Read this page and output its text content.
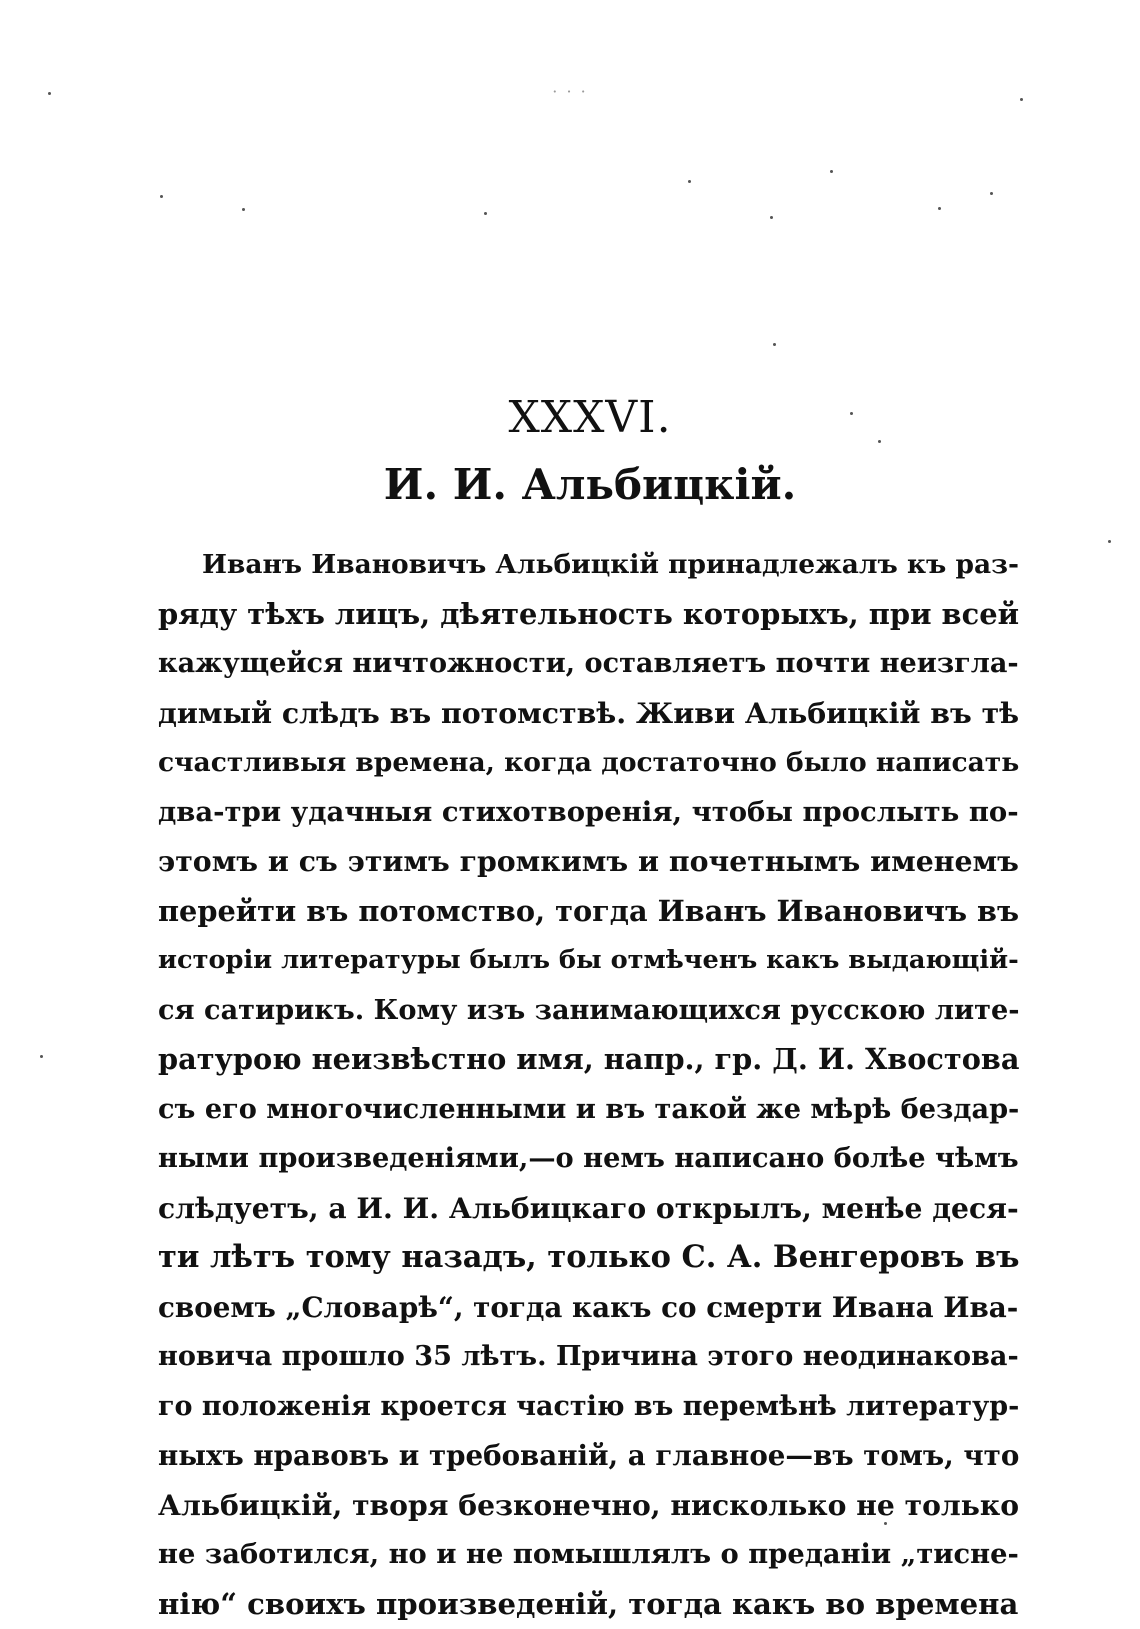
· · ·
XXXVI.
И. И. Альбицкій.
Иванъ Ивановичъ Альбицкій принадлежалъ къ раз-
ряду тѣхъ лицъ, дѣятельность которыхъ, при всей
кажущейся ничтожности, оставляетъ почти неизгла-
димый слѣдъ въ потомствѣ. Живи Альбицкій въ тѣ
счастливыя времена, когда достаточно было написать
два-три удачныя стихотворенія, чтобы прослыть по-
этомъ и съ этимъ громкимъ и почетнымъ именемъ
перейти въ потомство, тогда Иванъ Ивановичъ въ
исторіи литературы былъ бы отмѣченъ какъ выдающій-
ся сатирикъ. Кому изъ занимающихся русскою лите-
ратурою неизвѣстно имя, напр., гр. Д. И. Хвостова
съ его многочисленными и въ такой же мѣрѣ бездар-
ными произведеніями,—о немъ написано болѣе чѣмъ
слѣдуетъ, а И. И. Альбицкаго открылъ, менѣе деся-
ти лѣтъ тому назадъ, только С. А. Венгеровъ въ
своемъ „Словарѣ“, тогда какъ со смерти Ивана Ива-
новича прошло 35 лѣтъ. Причина этого неодинакова-
го положенія кроется частію въ перемѣнѣ литератур-
ныхъ нравовъ и требованій, а главное—въ томъ, что
Альбицкій, творя безконечно, нисколько не только
не заботился, но и не помышлялъ о преданіи „тисне-
нію“ своихъ произведеній, тогда какъ во времена
